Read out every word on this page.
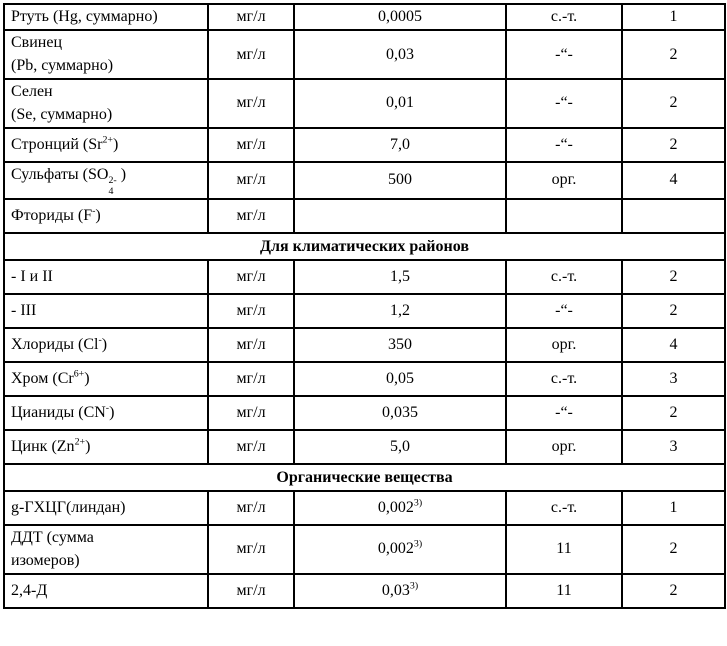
Ртуть (Hg, суммарно)	мг/л	0,0005	с.-т.	1
Свинец
(Pb, суммарно)	мг/л	0,03	-“-	2
Селен
(Se, суммарно)	мг/л	0,01	-“-	2
Стронций $(Sr^{2+})$	мг/л	7,0	-“-	2
Сульфаты (SO 2-
4
)	мг/л	500	орг.	4
Фториды (F-)	мг/л			
Для климатических районов				
- I и II	мг/л	1,5	с.-т.	2
- III	мг/л	1,2	-“-	2
Хлориды (Cl-)	мг/л	350	орг.	4
Хром $(Cr^{6+})$	мг/л	0,05	с.-т.	3
Цианиды (CN-)	мг/л	0,035	-“-	2
Цинк $(Zn^{2+})$	мг/л	5,0	орг.	3
Органические вещества				
g-ГХЦГ(линдан)	мг/л	0,002$^{3)}$	с.-т.	1
ДДТ (сумма
изомеров)	мг/л	0,002$^{3)}$	11	2
2,4-Д	мг/л	0,03$^{3)}$	11	2
